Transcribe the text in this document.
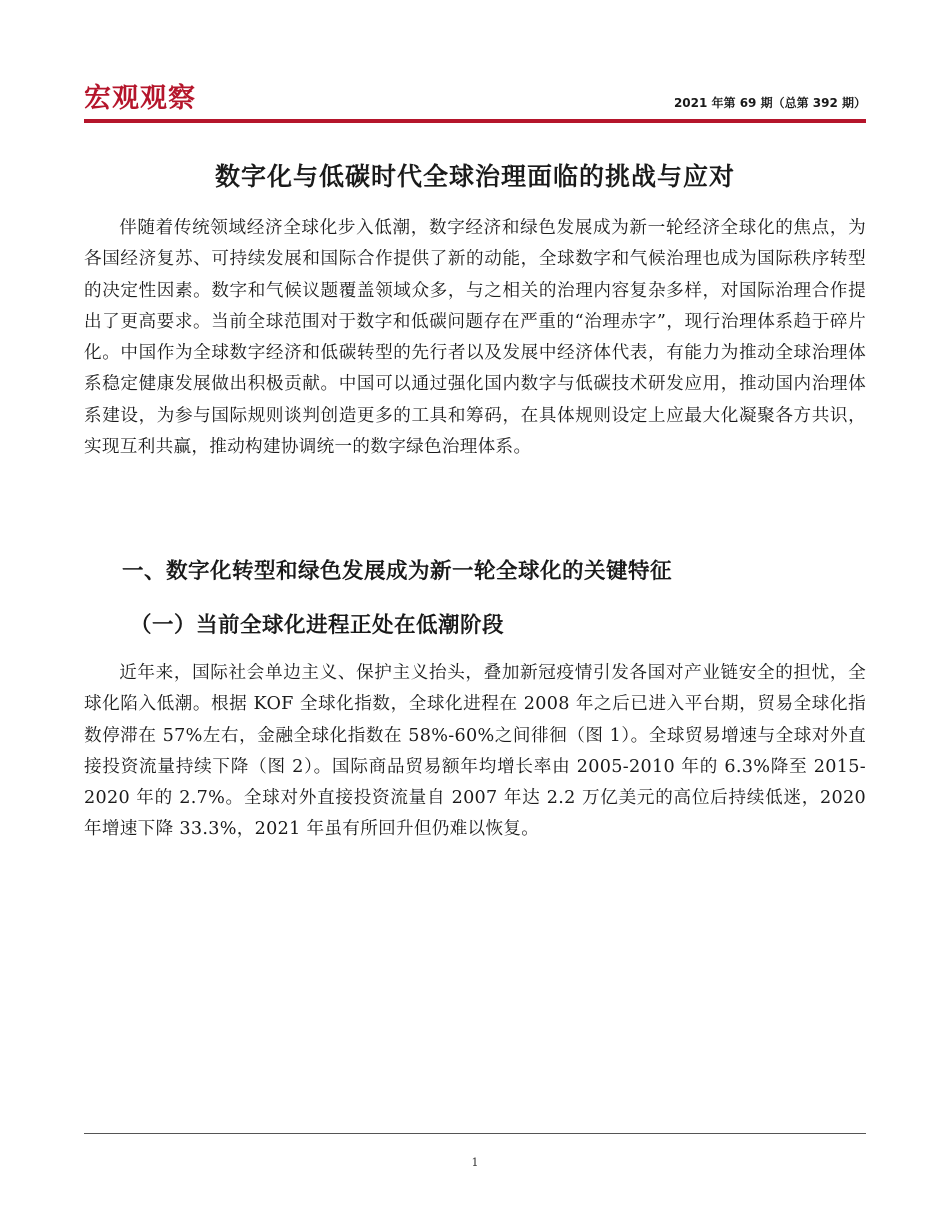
宏观观察	2021 年第 69 期（总第 392 期）
数字化与低碳时代全球治理面临的挑战与应对

伴随着传统领域经济全球化步入低潮，数字经济和绿色发展成为新一轮经济全球化的焦点，为各国经济复苏、可持续发展和国际合作提供了新的动能，全球数字和气候治理也成为国际秩序转型的决定性因素。数字和气候议题覆盖领域众多，与之相关的治理内容复杂多样，对国际治理合作提出了更高要求。当前全球范围对于数字和低碳问题存在严重的“治理赤字”，现行治理体系趋于碎片化。中国作为全球数字经济和低碳转型的先行者以及发展中经济体代表，有能力为推动全球治理体系稳定健康发展做出积极贡献。中国可以通过强化国内数字与低碳技术研发应用，推动国内治理体系建设，为参与国际规则谈判创造更多的工具和筹码，在具体规则设定上应最大化凝聚各方共识，实现互利共赢，推动构建协调统一的数字绿色治理体系。

一、数字化转型和绿色发展成为新一轮全球化的关键特征
（一）当前全球化进程正处在低潮阶段

近年来，国际社会单边主义、保护主义抬头，叠加新冠疫情引发各国对产业链安全的担忧，全球化陷入低潮。根据 KOF 全球化指数，全球化进程在 2008 年之后已进入平台期，贸易全球化指数停滞在 57%左右，金融全球化指数在 58%-60%之间徘徊（图 1）。全球贸易增速与全球对外直接投资流量持续下降（图 2）。国际商品贸易额年均增长率由 2005-2010 年的 6.3%降至 2015-2020 年的 2.7%。全球对外直接投资流量自 2007 年达 2.2 万亿美元的高位后持续低迷，2020 年增速下降 33.3%，2021 年虽有所回升但仍难以恢复。

1
